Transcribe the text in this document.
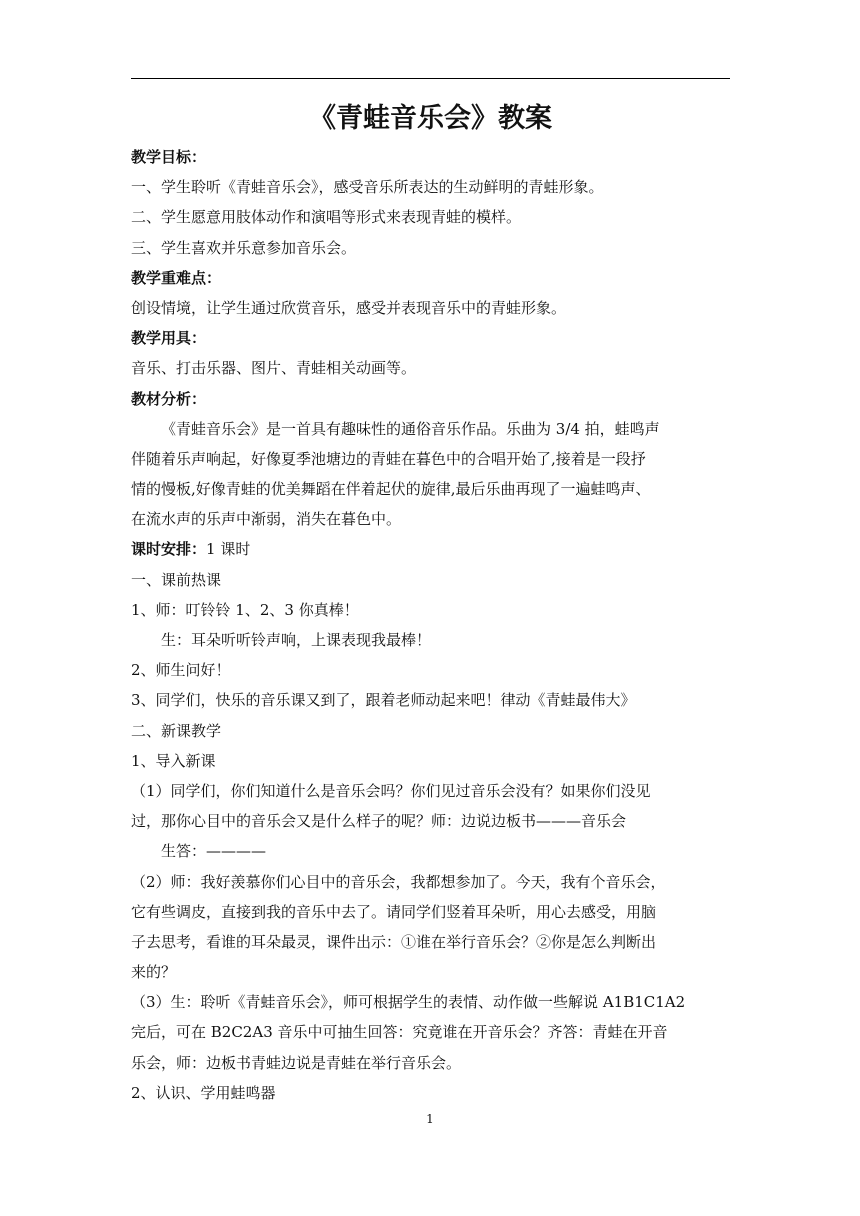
《青蛙音乐会》教案
教学目标：
一、学生聆听《青蛙音乐会》，感受音乐所表达的生动鲜明的青蛙形象。
二、学生愿意用肢体动作和演唱等形式来表现青蛙的模样。
三、学生喜欢并乐意参加音乐会。
教学重难点：
创设情境，让学生通过欣赏音乐，感受并表现音乐中的青蛙形象。
教学用具：
音乐、打击乐器、图片、青蛙相关动画等。
教材分析：
《青蛙音乐会》是一首具有趣味性的通俗音乐作品。乐曲为 3/4 拍，蛙鸣声
伴随着乐声响起，好像夏季池塘边的青蛙在暮色中的合唱开始了,接着是一段抒
情的慢板,好像青蛙的优美舞蹈在伴着起伏的旋律,最后乐曲再现了一遍蛙鸣声、
在流水声的乐声中渐弱，消失在暮色中。
课时安排：1 课时
一、课前热课
1、师：叮铃铃 1、2、3 你真棒！
生：耳朵听听铃声响，上课表现我最棒！
2、师生问好！
3、同学们，快乐的音乐课又到了，跟着老师动起来吧！律动《青蛙最伟大》
二、新课教学
1、导入新课
（1）同学们，你们知道什么是音乐会吗？你们见过音乐会没有？如果你们没见
过，那你心目中的音乐会又是什么样子的呢？师：边说边板书———音乐会
生答：————
（2）师：我好羡慕你们心目中的音乐会，我都想参加了。今天，我有个音乐会，
它有些调皮，直接到我的音乐中去了。请同学们竖着耳朵听，用心去感受，用脑
子去思考，看谁的耳朵最灵，课件出示：①谁在举行音乐会？②你是怎么判断出
来的？
（3）生：聆听《青蛙音乐会》，师可根据学生的表情、动作做一些解说 A1B1C1A2
完后，可在 B2C2A3 音乐中可抽生回答：究竟谁在开音乐会？齐答：青蛙在开音
乐会，师：边板书青蛙边说是青蛙在举行音乐会。
2、认识、学用蛙鸣器
1
